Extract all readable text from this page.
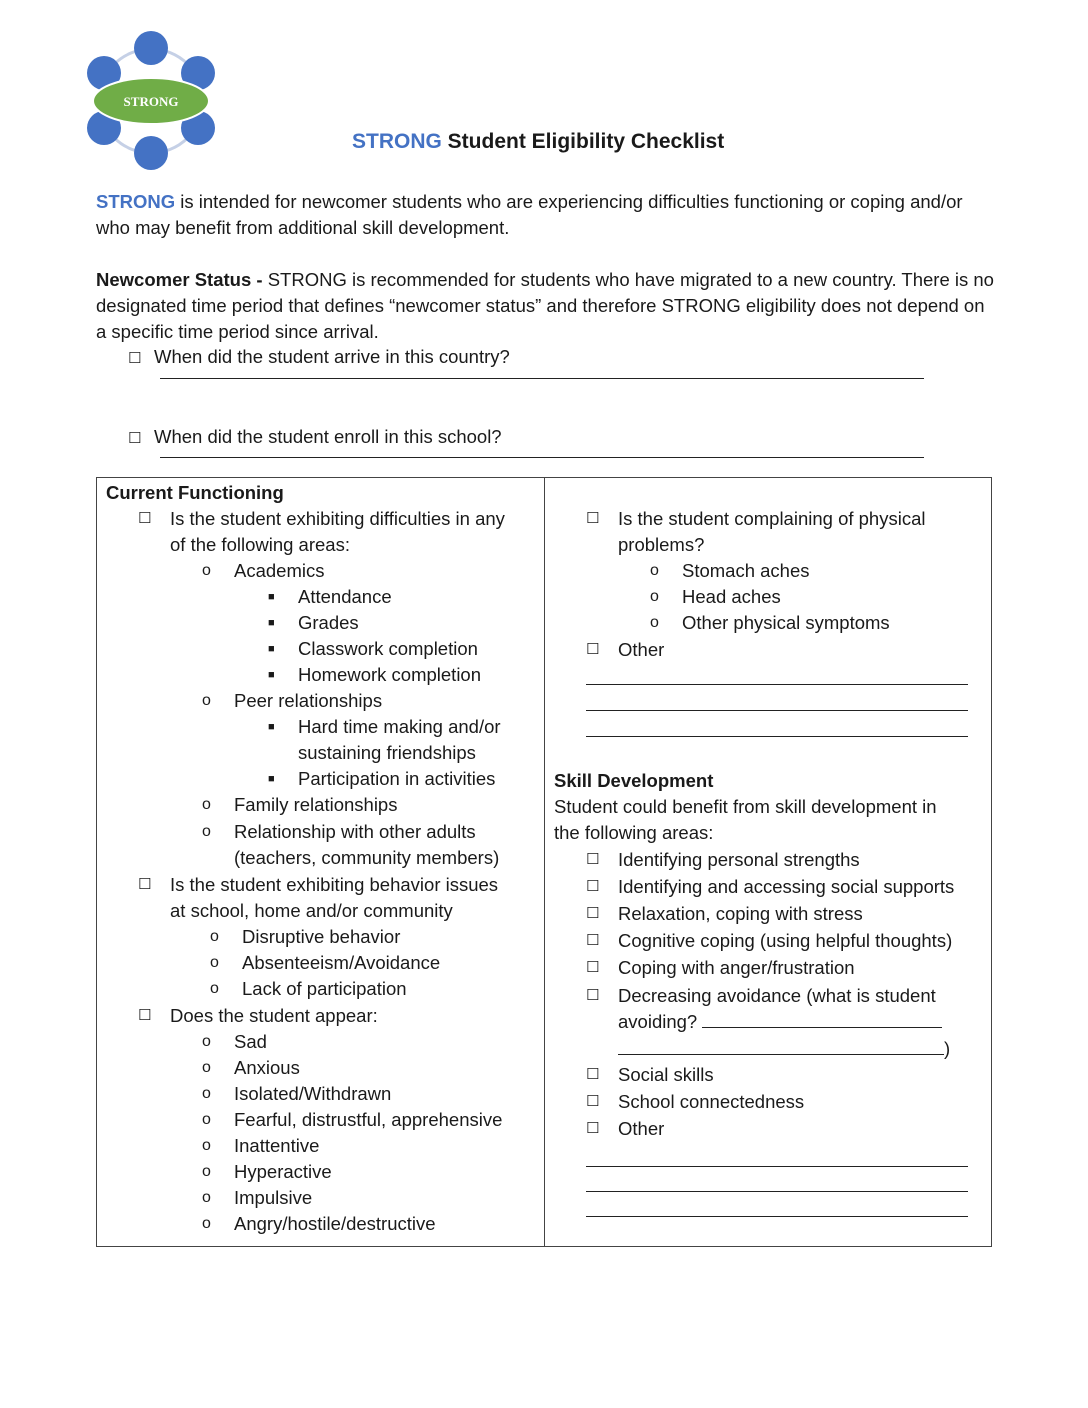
STRONG
STRONG Student Eligibility Checklist
STRONG is intended for newcomer students who are experiencing difficulties functioning or coping and/or who may benefit from additional skill development.
Newcomer Status - STRONG is recommended for students who have migrated to a new country. There is no designated time period that defines “newcomer status” and therefore STRONG eligibility does not depend on a specific time period since arrival.
☐ When did the student arrive in this country?
☐ When did the student enroll in this school?
Current Functioning
☐ Is the student exhibiting difficulties in any
of the following areas:
o Academics
■ Attendance
■ Grades
■ Classwork completion
■ Homework completion
o Peer relationships
■ Hard time making and/or
sustaining friendships
■ Participation in activities
o Family relationships
o Relationship with other adults
(teachers, community members)
☐ Is the student exhibiting behavior issues
at school, home and/or community
o Disruptive behavior
o Absenteeism/Avoidance
o Lack of participation
☐ Does the student appear:
o Sad
o Anxious
o Isolated/Withdrawn
o Fearful, distrustful, apprehensive
o Inattentive
o Hyperactive
o Impulsive
o Angry/hostile/destructive
☐ Is the student complaining of physical
problems?
o Stomach aches
o Head aches
o Other physical symptoms
☐ Other
Skill Development
Student could benefit from skill development in
the following areas:
☐ Identifying personal strengths
☐ Identifying and accessing social supports
☐ Relaxation, coping with stress
☐ Cognitive coping (using helpful thoughts)
☐ Coping with anger/frustration
☐ Decreasing avoidance (what is student
avoiding?
)
☐ Social skills
☐ School connectedness
☐ Other
